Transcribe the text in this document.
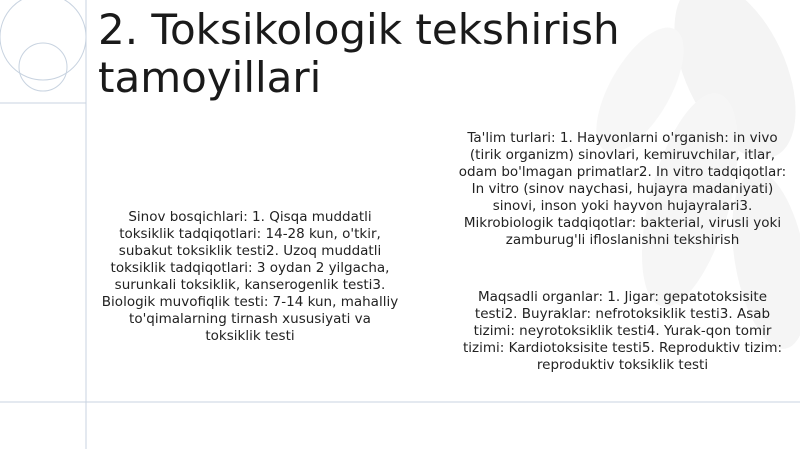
2. Toksikologik tekshirish tamoyillari

Sinov bosqichlari: 1. Qisqa muddatli toksiklik tadqiqotlari: 14-28 kun, o'tkir, subakut toksiklik testi2. Uzoq muddatli toksiklik tadqiqotlari: 3 oydan 2 yilgacha, surunkali toksiklik, kanserogenlik testi3. Biologik muvofiqlik testi: 7-14 kun, mahalliy to'qimalarning tirnash xususiyati va toksiklik testi

Ta'lim turlari: 1. Hayvonlarni o'rganish: in vivo (tirik organizm) sinovlari, kemiruvchilar, itlar, odam bo'lmagan primatlar2. In vitro tadqiqotlar: In vitro (sinov naychasi, hujayra madaniyati) sinovi, inson yoki hayvon hujayralari3. Mikrobiologik tadqiqotlar: bakterial, virusli yoki zamburug'li ifloslanishni tekshirish

Maqsadli organlar: 1. Jigar: gepatotoksisite testi2. Buyraklar: nefrotoksiklik testi3. Asab tizimi: neyrotoksiklik testi4. Yurak-qon tomir tizimi: Kardiotoksisite testi5. Reproduktiv tizim: reproduktiv toksiklik testi
